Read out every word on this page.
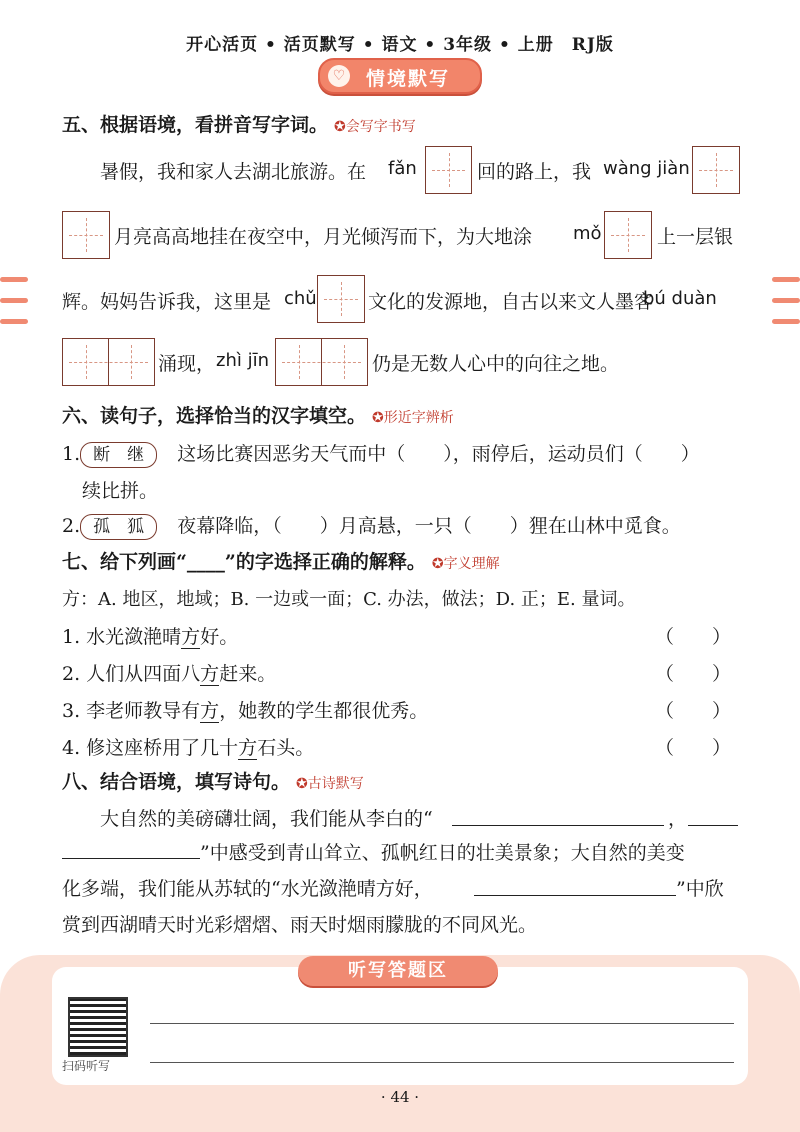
开心活页 • 活页默写 • 语文 • 3年级 • 上册　RJ版
♡ 情境默写
五、根据语境，看拼音写字词。 ✪会写字书写
暑假，我和家人去湖北旅游。在 fǎn	回的路上，我 wàng jiàn
月亮高高地挂在夜空中，月光倾泻而下，为大地涂 mǒ	上一层银
辉。妈妈告诉我，这里是 chǔ	文化的发源地，自古以来文人墨客
bú duàn
涌现， zhì jīn	仍是无数人心中的向往之地。
六、读句子，选择恰当的汉字填空。 ✪形近字辨析
1. 断　继 这场比赛因恶劣天气而中（　　），雨停后，运动员们（　　）
续比拼。
2. 孤　狐 夜幕降临，（　　）月高悬，一只（　　）狸在山林中觅食。
七、给下列画“____”的字选择正确的解释。 ✪字义理解
方：A. 地区，地域；B. 一边或一面；C. 办法，做法；D. 正；E. 量词。
1. 水光潋滟晴方好。	（　　）
2. 人们从四面八方赶来。	（　　）
3. 李老师教导有方，她教的学生都很优秀。	（　　）
4. 修这座桥用了几十方石头。	（　　）
八、结合语境，填写诗句。 ✪古诗默写
大自然的美磅礴壮阔，我们能从李白的“	，
”中感受到青山耸立、孤帆红日的壮美景象；大自然的美变
化多端，我们能从苏轼的“水光潋滟晴方好，	”中欣
赏到西湖晴天时光彩熠熠、雨天时烟雨朦胧的不同风光。
听写答题区
扫码听写
· 44 ·
